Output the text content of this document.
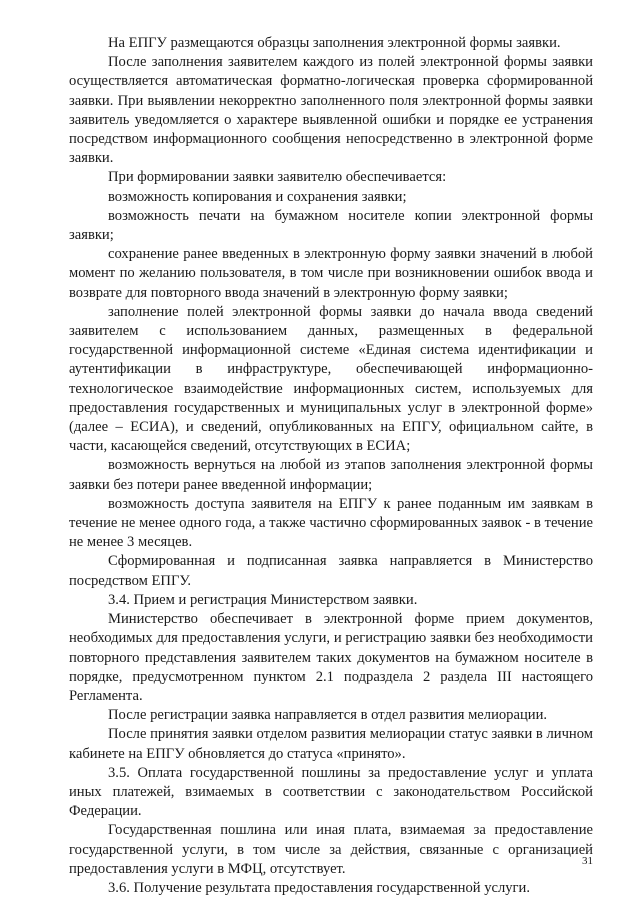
На ЕПГУ размещаются образцы заполнения электронной формы заявки.

После заполнения заявителем каждого из полей электронной формы заявки осуществляется автоматическая форматно-логическая проверка сформированной заявки. При выявлении некорректно заполненного поля электронной формы заявки заявитель уведомляется о характере выявленной ошибки и порядке ее устранения посредством информационного сообщения непосредственно в электронной форме заявки.

При формировании заявки заявителю обеспечивается:

возможность копирования и сохранения заявки;

возможность печати на бумажном носителе копии электронной формы заявки;

сохранение ранее введенных в электронную форму заявки значений в любой момент по желанию пользователя, в том числе при возникновении ошибок ввода и возврате для повторного ввода значений в электронную форму заявки;

заполнение полей электронной формы заявки до начала ввода сведений заявителем с использованием данных, размещенных в федеральной государственной информационной системе «Единая система идентификации и аутентификации в инфраструктуре, обеспечивающей информационно-технологическое взаимодействие информационных систем, используемых для предоставления государственных и муниципальных услуг в электронной форме» (далее – ЕСИА), и сведений, опубликованных на ЕПГУ, официальном сайте, в части, касающейся сведений, отсутствующих в ЕСИА;

возможность вернуться на любой из этапов заполнения электронной формы заявки без потери ранее введенной информации;

возможность доступа заявителя на ЕПГУ к ранее поданным им заявкам в течение не менее одного года, а также частично сформированных заявок - в течение не менее 3 месяцев.

Сформированная и подписанная заявка направляется в Министерство посредством ЕПГУ.

3.4. Прием и регистрация Министерством заявки.

Министерство обеспечивает в электронной форме прием документов, необходимых для предоставления услуги, и регистрацию заявки без необходимости повторного представления заявителем таких документов на бумажном носителе в порядке, предусмотренном пунктом 2.1 подраздела 2 раздела III настоящего Регламента.

После регистрации заявка направляется в отдел развития мелиорации.

После принятия заявки отделом развития мелиорации статус заявки в личном кабинете на ЕПГУ обновляется до статуса «принято».

3.5. Оплата государственной пошлины за предоставление услуг и уплата иных платежей, взимаемых в соответствии с законодательством Российской Федерации.

Государственная пошлина или иная плата, взимаемая за предоставление государственной услуги, в том числе за действия, связанные с организацией предоставления услуги в МФЦ, отсутствует.

3.6. Получение результата предоставления государственной услуги.

31
